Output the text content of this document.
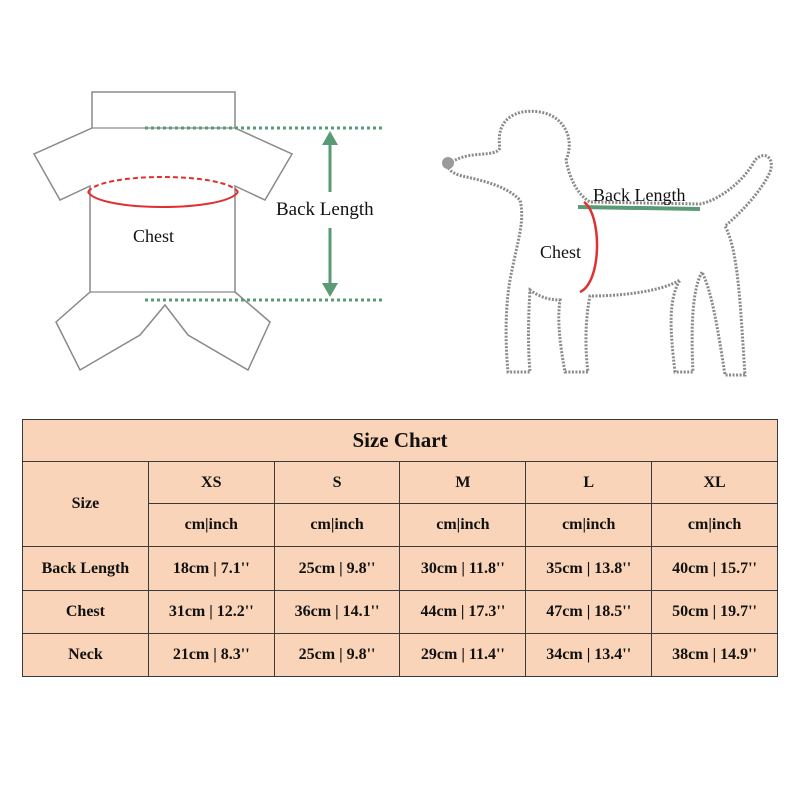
Chest
Back Length
Back Length
Chest
Size Chart					
Size	XS	S	M	L	XL
	cm|inch	cm|inch	cm|inch	cm|inch	cm|inch
Back Length	18cm | 7.1''	25cm | 9.8''	30cm | 11.8''	35cm | 13.8''	40cm | 15.7''
Chest	31cm | 12.2''	36cm | 14.1''	44cm | 17.3''	47cm | 18.5''	50cm | 19.7''
Neck	21cm | 8.3''	25cm | 9.8''	29cm | 11.4''	34cm | 13.4''	38cm | 14.9''
